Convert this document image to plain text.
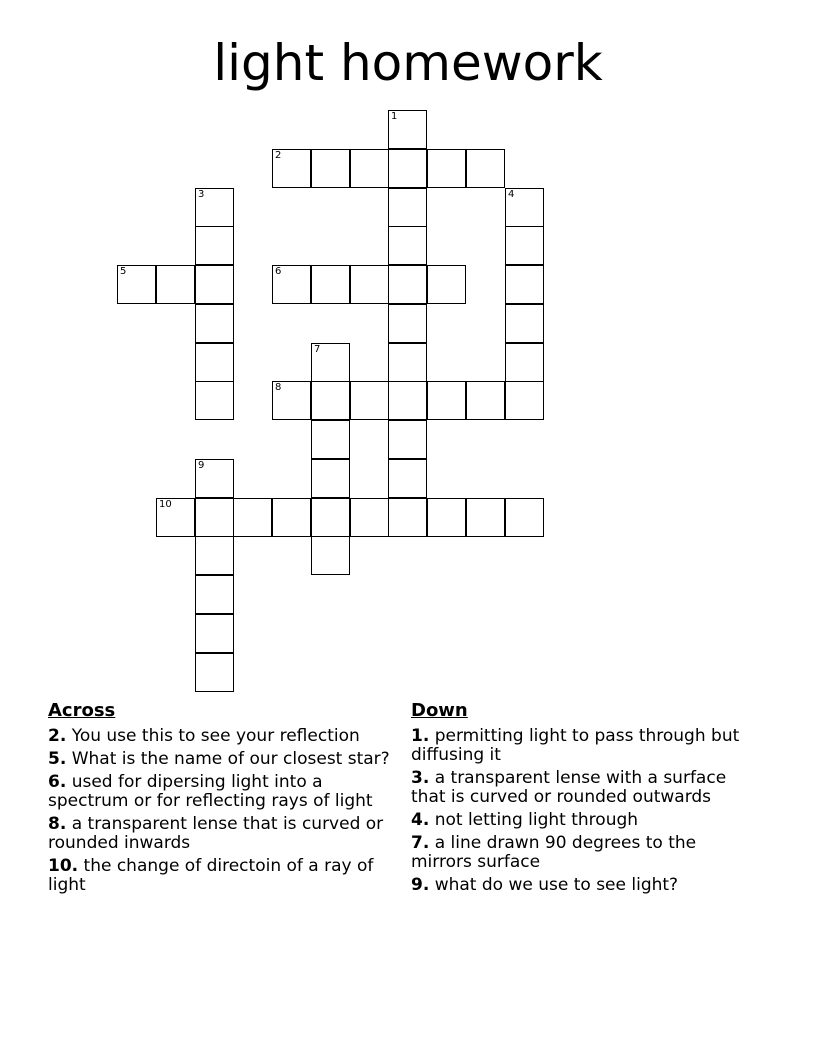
light homework
2
5	6
8
10
1
3	4
7
9
Across
2. You use this to see your reflection
5. What is the name of our closest star?
6. used for dipersing light into a spectrum or for reflecting rays of light
8. a transparent lense that is curved or rounded inwards
10. the change of directoin of a ray of light
Down
1. permitting light to pass through but diffusing it
3. a transparent lense with a surface that is curved or rounded outwards
4. not letting light through
7. a line drawn 90 degrees to the mirrors surface
9. what do we use to see light?
